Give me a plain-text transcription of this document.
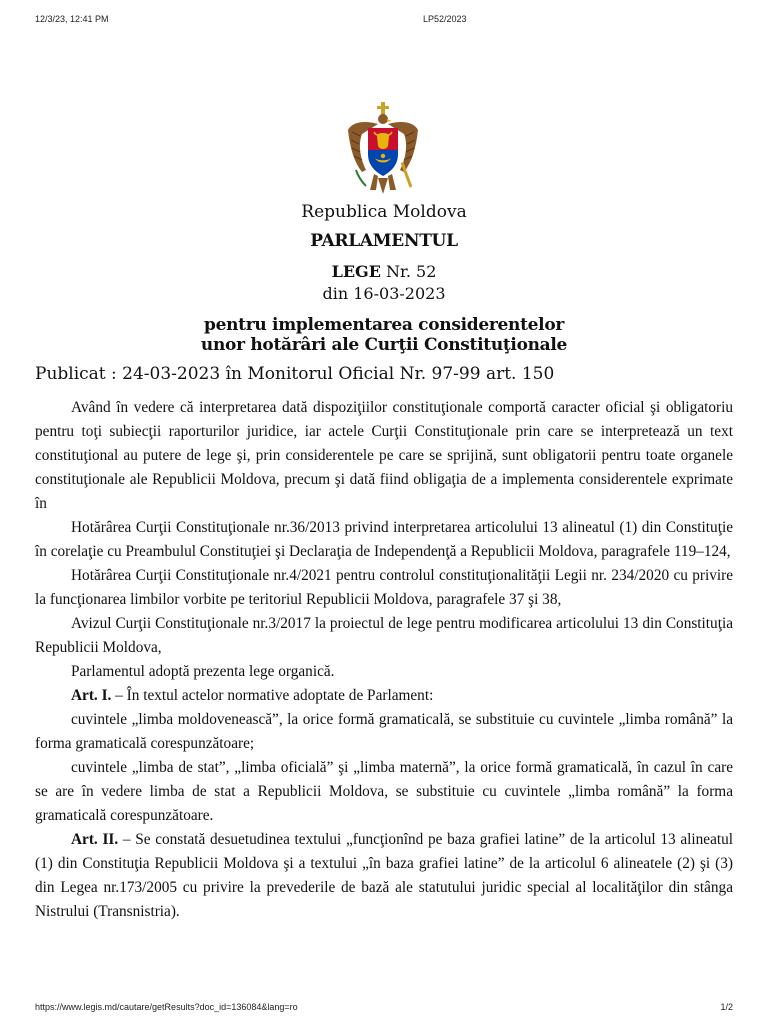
12/3/23, 12:41 PM	LP52/2023
Republica Moldova
PARLAMENTUL
LEGE Nr. 52
din 16-03-2023
pentru implementarea considerentelor
unor hotărâri ale Curţii Constituţionale
Publicat : 24-03-2023 în Monitorul Oficial Nr. 97-99 art. 150

Având în vedere că interpretarea dată dispoziţiilor constituţionale comportă caracter oficial şi obligatoriu pentru toţi subiecţii raporturilor juridice, iar actele Curţii Constituţionale prin care se interpretează un text constituţional au putere de lege şi, prin considerentele pe care se sprijină, sunt obligatorii pentru toate organele constituţionale ale Republicii Moldova, precum şi dată fiind obligaţia de a implementa considerentele exprimate în

Hotărârea Curţii Constituţionale nr.36/2013 privind interpretarea articolului 13 alineatul (1) din Constituţie în corelaţie cu Preambulul Constituţiei şi Declaraţia de Independenţă a Republicii Moldova, paragrafele 119–124,

Hotărârea Curţii Constituţionale nr.4/2021 pentru controlul constituţionalităţii Legii nr. 234/2020 cu privire la funcţionarea limbilor vorbite pe teritoriul Republicii Moldova, paragrafele 37 şi 38,

Avizul Curţii Constituţionale nr.3/2017 la proiectul de lege pentru modificarea articolului 13 din Constituţia Republicii Moldova,

Parlamentul adoptă prezenta lege organică.

Art. I. – În textul actelor normative adoptate de Parlament:

cuvintele „limba moldovenească”, la orice formă gramaticală, se substituie cu cuvintele „limba română” la forma gramaticală corespunzătoare;

cuvintele „limba de stat”, „limba oficială” şi „limba maternă”, la orice formă gramaticală, în cazul în care se are în vedere limba de stat a Republicii Moldova, se substituie cu cuvintele „limba română” la forma gramaticală corespunzătoare.

Art. II. – Se constată desuetudinea textului „funcţionînd pe baza grafiei latine” de la articolul 13 alineatul (1) din Constituţia Republicii Moldova şi a textului „în baza grafiei latine” de la articolul 6 alineatele (2) şi (3) din Legea nr.173/2005 cu privire la prevederile de bază ale statutului juridic special al localităţilor din stânga Nistrului (Transnistria).

https://www.legis.md/cautare/getResults?doc_id=136084&lang=ro	1/2
